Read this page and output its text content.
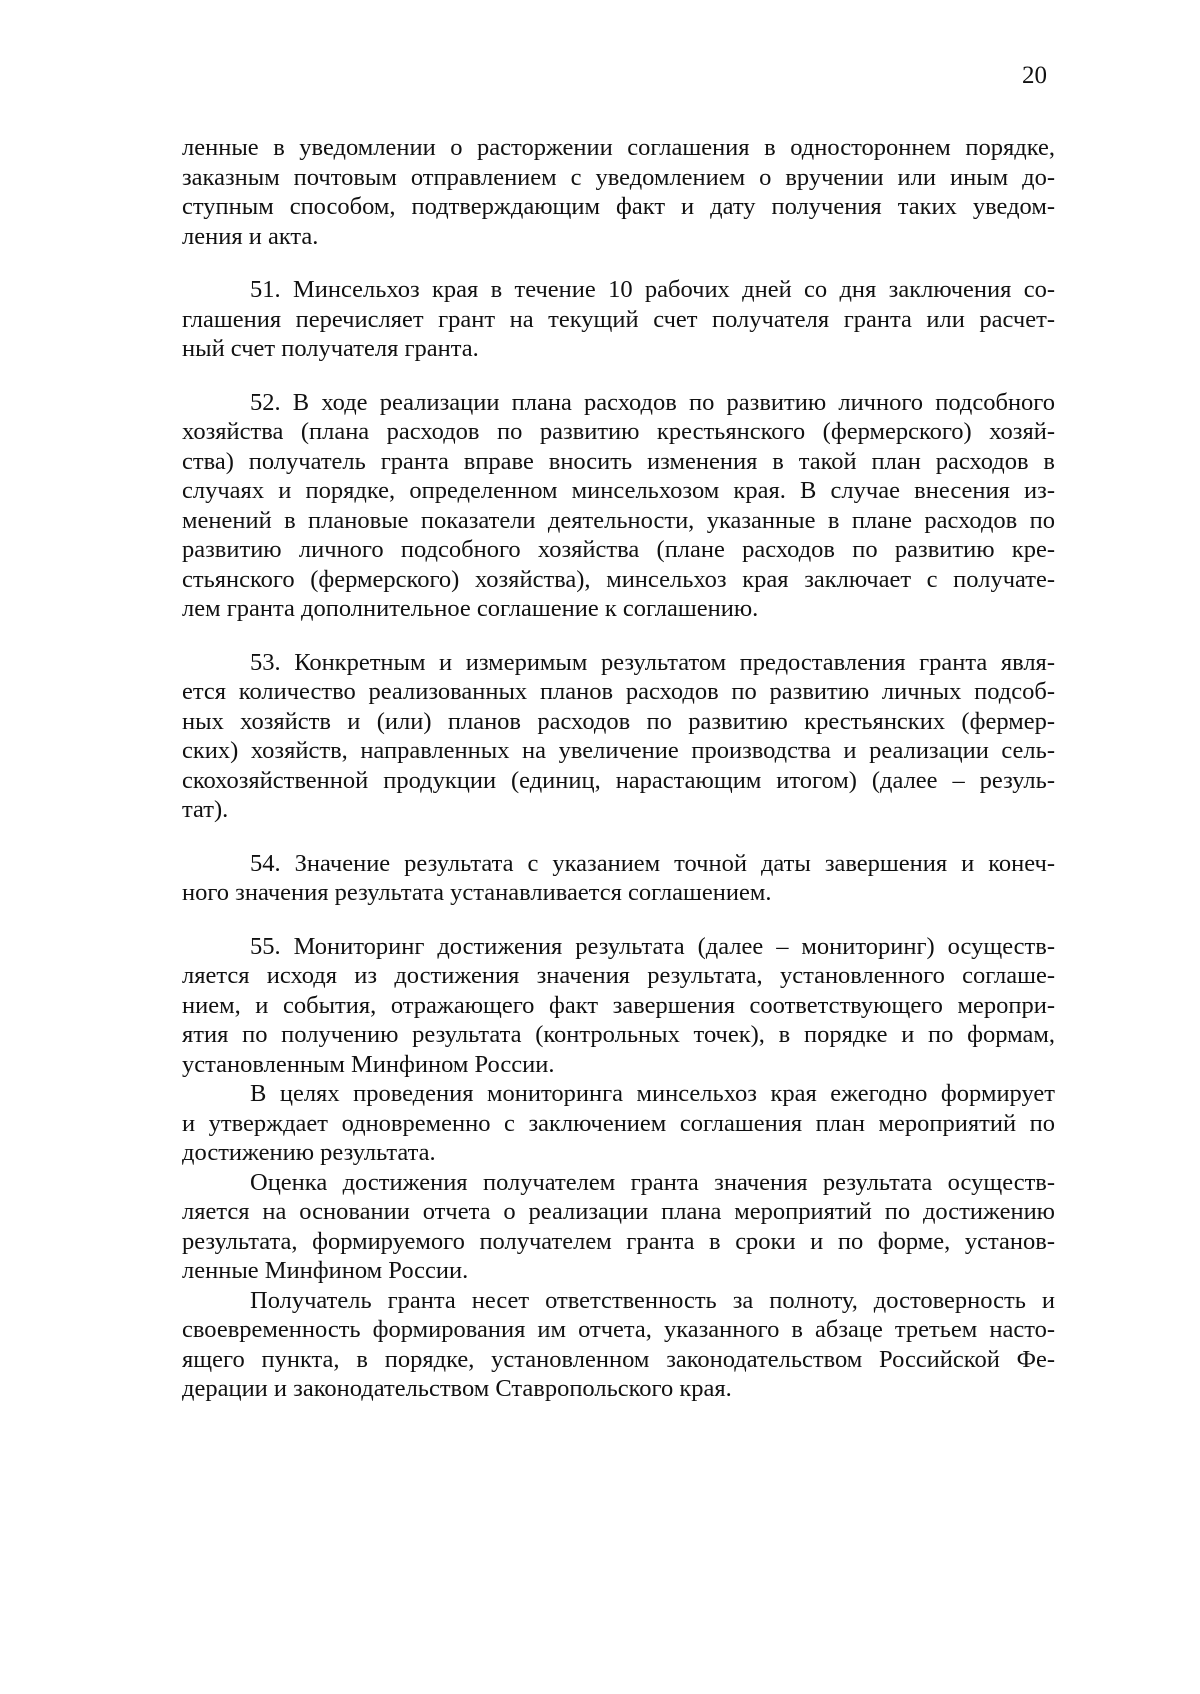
20
ленные в уведомлении о расторжении соглашения в одностороннем порядке,
заказным почтовым отправлением с уведомлением о вручении или иным до-
ступным способом, подтверждающим факт и дату получения таких уведом-
ления и акта.
51. Минсельхоз края в течение 10 рабочих дней со дня заключения со-
глашения перечисляет грант на текущий счет получателя гранта или расчет-
ный счет получателя гранта.
52. В ходе реализации плана расходов по развитию личного подсобного
хозяйства (плана расходов по развитию крестьянского (фермерского) хозяй-
ства) получатель гранта вправе вносить изменения в такой план расходов в
случаях и порядке, определенном минсельхозом края. В случае внесения из-
менений в плановые показатели деятельности, указанные в плане расходов по
развитию личного подсобного хозяйства (плане расходов по развитию кре-
стьянского (фермерского) хозяйства), минсельхоз края заключает с получате-
лем гранта дополнительное соглашение к соглашению.
53. Конкретным и измеримым результатом предоставления гранта явля-
ется количество реализованных планов расходов по развитию личных подсоб-
ных хозяйств и (или) планов расходов по развитию крестьянских (фермер-
ских) хозяйств, направленных на увеличение производства и реализации сель-
скохозяйственной продукции (единиц, нарастающим итогом) (далее – резуль-
тат).
54. Значение результата с указанием точной даты завершения и конеч-
ного значения результата устанавливается соглашением.
55. Мониторинг достижения результата (далее – мониторинг) осуществ-
ляется исходя из достижения значения результата, установленного соглаше-
нием, и события, отражающего факт завершения соответствующего меропри-
ятия по получению результата (контрольных точек), в порядке и по формам,
установленным Минфином России.
В целях проведения мониторинга минсельхоз края ежегодно формирует
и утверждает одновременно с заключением соглашения план мероприятий по
достижению результата.
Оценка достижения получателем гранта значения результата осуществ-
ляется на основании отчета о реализации плана мероприятий по достижению
результата, формируемого получателем гранта в сроки и по форме, установ-
ленные Минфином России.
Получатель гранта несет ответственность за полноту, достоверность и
своевременность формирования им отчета, указанного в абзаце третьем насто-
ящего пункта, в порядке, установленном законодательством Российской Фе-
дерации и законодательством Ставропольского края.
